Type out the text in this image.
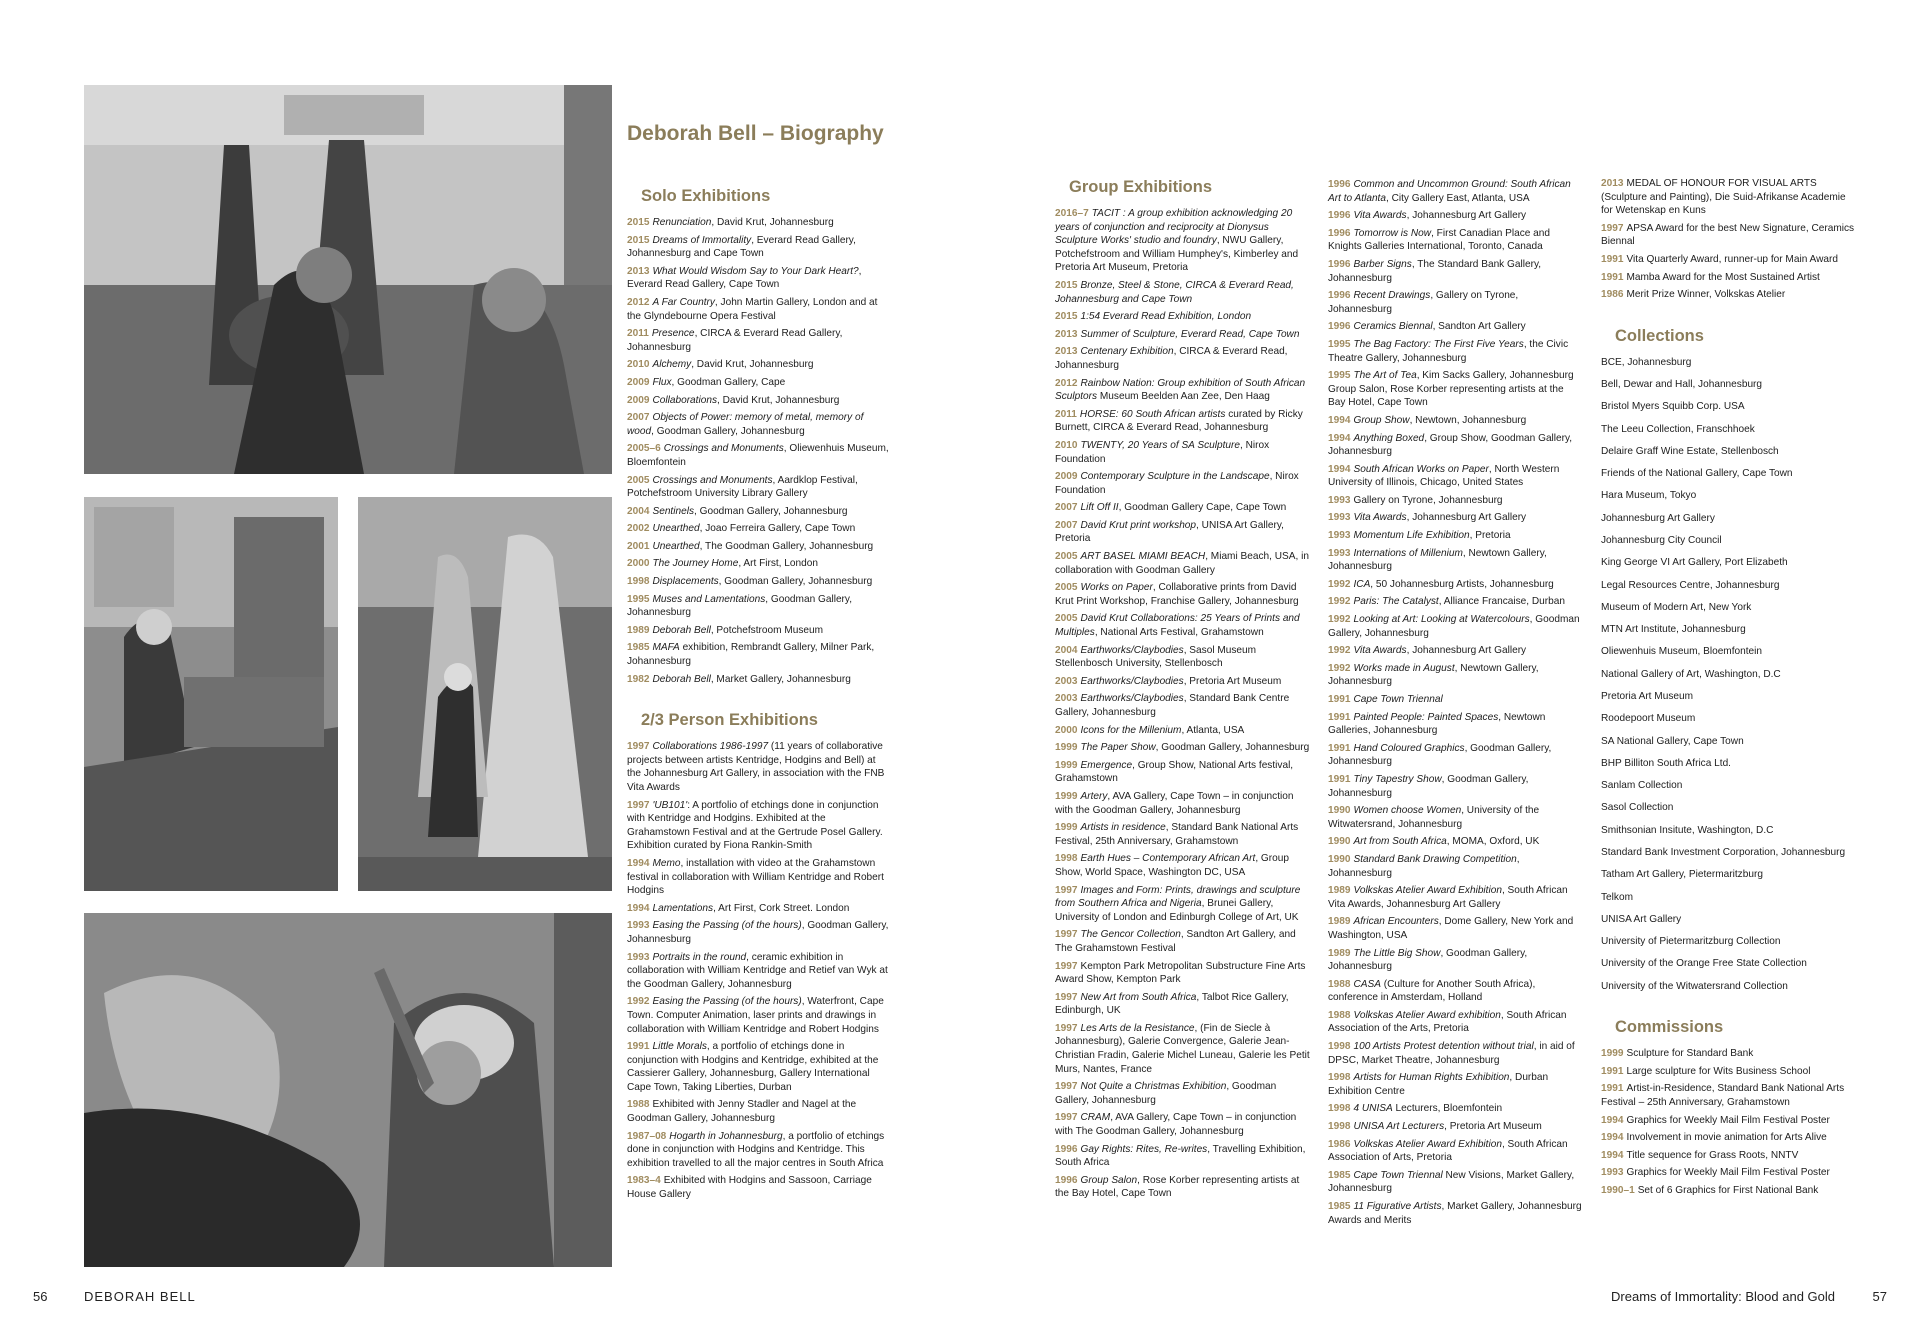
Deborah Bell – Biography
Solo Exhibitions
2015 Renunciation, David Krut, Johannesburg
2015 Dreams of Immortality, Everard Read Gallery, Johannesburg and Cape Town
2013 What Would Wisdom Say to Your Dark Heart?, Everard Read Gallery, Cape Town
2012 A Far Country, John Martin Gallery, London and at the Glyndebourne Opera Festival
2011 Presence, CIRCA & Everard Read Gallery, Johannesburg
2010 Alchemy, David Krut, Johannesburg
2009 Flux, Goodman Gallery, Cape
2009 Collaborations, David Krut, Johannesburg
2007 Objects of Power: memory of metal, memory of wood, Goodman Gallery, Johannesburg
2005–6 Crossings and Monuments, Oliewenhuis Museum, Bloemfontein
2005 Crossings and Monuments, Aardklop Festival, Potchefstroom University Library Gallery
2004 Sentinels, Goodman Gallery, Johannesburg
2002 Unearthed, Joao Ferreira Gallery, Cape Town
2001 Unearthed, The Goodman Gallery, Johannesburg
2000 The Journey Home, Art First, London
1998 Displacements, Goodman Gallery, Johannesburg
1995 Muses and Lamentations, Goodman Gallery, Johannesburg
1989 Deborah Bell, Potchefstroom Museum
1985 MAFA exhibition, Rembrandt Gallery, Milner Park, Johannesburg
1982 Deborah Bell, Market Gallery, Johannesburg
2/3 Person Exhibitions
1997 Collaborations 1986-1997 (11 years of collaborative projects between artists Kentridge, Hodgins and Bell) at the Johannesburg Art Gallery, in association with the FNB Vita Awards
1997 'UB101': A portfolio of etchings done in conjunction with Kentridge and Hodgins. Exhibited at the Grahamstown Festival and at the Gertrude Posel Gallery. Exhibition curated by Fiona Rankin-Smith
1994 Memo, installation with video at the Grahamstown festival in collaboration with William Kentridge and Robert Hodgins
1994 Lamentations, Art First, Cork Street. London
1993 Easing the Passing (of the hours), Goodman Gallery, Johannesburg
1993 Portraits in the round, ceramic exhibition in collaboration with William Kentridge and Retief van Wyk at the Goodman Gallery, Johannesburg
1992 Easing the Passing (of the hours), Waterfront, Cape Town. Computer Animation, laser prints and drawings in collaboration with William Kentridge and Robert Hodgins
1991 Little Morals, a portfolio of etchings done in conjunction with Hodgins and Kentridge, exhibited at the Cassierer Gallery, Johannesburg, Gallery International Cape Town, Taking Liberties, Durban
1988 Exhibited with Jenny Stadler and Nagel at the Goodman Gallery, Johannesburg
1987–08 Hogarth in Johannesburg, a portfolio of etchings done in conjunction with Hodgins and Kentridge. This exhibition travelled to all the major centres in South Africa
1983–4 Exhibited with Hodgins and Sassoon, Carriage House Gallery
Group Exhibitions
2016–7 TACIT : A group exhibition acknowledging 20 years of conjunction and reciprocity at Dionysus Sculpture Works' studio and foundry, NWU Gallery, Potchefstroom and William Humphey's, Kimberley and Pretoria Art Museum, Pretoria
2015 Bronze, Steel & Stone, CIRCA & Everard Read, Johannesburg and Cape Town
2015 1:54 Everard Read Exhibition, London
2013 Summer of Sculpture, Everard Read, Cape Town
2013 Centenary Exhibition, CIRCA & Everard Read, Johannesburg
2012 Rainbow Nation: Group exhibition of South African Sculptors Museum Beelden Aan Zee, Den Haag
2011 HORSE: 60 South African artists curated by Ricky Burnett, CIRCA & Everard Read, Johannesburg
2010 TWENTY, 20 Years of SA Sculpture, Nirox Foundation
2009 Contemporary Sculpture in the Landscape, Nirox Foundation
2007 Lift Off II, Goodman Gallery Cape, Cape Town
2007 David Krut print workshop, UNISA Art Gallery, Pretoria
2005 ART BASEL MIAMI BEACH, Miami Beach, USA, in collaboration with Goodman Gallery
2005 Works on Paper, Collaborative prints from David Krut Print Workshop, Franchise Gallery, Johannesburg
2005 David Krut Collaborations: 25 Years of Prints and Multiples, National Arts Festival, Grahamstown
2004 Earthworks/Claybodies, Sasol Museum Stellenbosch University, Stellenbosch
2003 Earthworks/Claybodies, Pretoria Art Museum
2003 Earthworks/Claybodies, Standard Bank Centre Gallery, Johannesburg
2000 Icons for the Millenium, Atlanta, USA
1999 The Paper Show, Goodman Gallery, Johannesburg
1999 Emergence, Group Show, National Arts festival, Grahamstown
1999 Artery, AVA Gallery, Cape Town – in conjunction with the Goodman Gallery, Johannesburg
1999 Artists in residence, Standard Bank National Arts Festival, 25th Anniversary, Grahamstown
1998 Earth Hues – Contemporary African Art, Group Show, World Space, Washington DC, USA
1997 Images and Form: Prints, drawings and sculpture from Southern Africa and Nigeria, Brunei Gallery, University of London and Edinburgh College of Art, UK
1997 The Gencor Collection, Sandton Art Gallery, and The Grahamstown Festival
1997 Kempton Park Metropolitan Substructure Fine Arts Award Show, Kempton Park
1997 New Art from South Africa, Talbot Rice Gallery, Edinburgh, UK
1997 Les Arts de la Resistance, (Fin de Siecle à Johannesburg), Galerie Convergence, Galerie Jean-Christian Fradin, Galerie Michel Luneau, Galerie les Petit Murs, Nantes, France
1997 Not Quite a Christmas Exhibition, Goodman Gallery, Johannesburg
1997 CRAM, AVA Gallery, Cape Town – in conjunction with The Goodman Gallery, Johannesburg
1996 Gay Rights: Rites, Re-writes, Travelling Exhibition, South Africa
1996 Group Salon, Rose Korber representing artists at the Bay Hotel, Cape Town
1996 Common and Uncommon Ground: South African Art to Atlanta, City Gallery East, Atlanta, USA
1996 Vita Awards, Johannesburg Art Gallery
1996 Tomorrow is Now, First Canadian Place and Knights Galleries International, Toronto, Canada
1996 Barber Signs, The Standard Bank Gallery, Johannesburg
1996 Recent Drawings, Gallery on Tyrone, Johannesburg
1996 Ceramics Biennal, Sandton Art Gallery
1995 The Bag Factory: The First Five Years, the Civic Theatre Gallery, Johannesburg
1995 The Art of Tea, Kim Sacks Gallery, Johannesburg Group Salon, Rose Korber representing artists at the Bay Hotel, Cape Town
1994 Group Show, Newtown, Johannesburg
1994 Anything Boxed, Group Show, Goodman Gallery, Johannesburg
1994 South African Works on Paper, North Western University of Illinois, Chicago, United States
1993 Gallery on Tyrone, Johannesburg
1993 Vita Awards, Johannesburg Art Gallery
1993 Momentum Life Exhibition, Pretoria
1993 Internations of Millenium, Newtown Gallery, Johannesburg
1992 ICA, 50 Johannesburg Artists, Johannesburg
1992 Paris: The Catalyst, Alliance Francaise, Durban
1992 Looking at Art: Looking at Watercolours, Goodman Gallery, Johannesburg
1992 Vita Awards, Johannesburg Art Gallery
1992 Works made in August, Newtown Gallery, Johannesburg
1991 Cape Town Triennal
1991 Painted People: Painted Spaces, Newtown Galleries, Johannesburg
1991 Hand Coloured Graphics, Goodman Gallery, Johannesburg
1991 Tiny Tapestry Show, Goodman Gallery, Johannesburg
1990 Women choose Women, University of the Witwatersrand, Johannesburg
1990 Art from South Africa, MOMA, Oxford, UK
1990 Standard Bank Drawing Competition, Johannesburg
1989 Volkskas Atelier Award Exhibition, South African Vita Awards, Johannesburg Art Gallery
1989 African Encounters, Dome Gallery, New York and Washington, USA
1989 The Little Big Show, Goodman Gallery, Johannesburg
1988 CASA (Culture for Another South Africa), conference in Amsterdam, Holland
1988 Volkskas Atelier Award exhibition, South African Association of the Arts, Pretoria
1998 100 Artists Protest detention without trial, in aid of DPSC, Market Theatre, Johannesburg
1998 Artists for Human Rights Exhibition, Durban Exhibition Centre
1998 4 UNISA Lecturers, Bloemfontein
1998 UNISA Art Lecturers, Pretoria Art Museum
1986 Volkskas Atelier Award Exhibition, South African Association of Arts, Pretoria
1985 Cape Town Triennal New Visions, Market Gallery, Johannesburg
1985 11 Figurative Artists, Market Gallery, Johannesburg Awards and Merits
2013 MEDAL OF HONOUR FOR VISUAL ARTS (Sculpture and Painting), Die Suid-Afrikanse Academie for Wetenskap en Kuns
1997 APSA Award for the best New Signature, Ceramics Biennal
1991 Vita Quarterly Award, runner-up for Main Award
1991 Mamba Award for the Most Sustained Artist
1986 Merit Prize Winner, Volkskas Atelier
Collections
BCE, Johannesburg
Bell, Dewar and Hall, Johannesburg
Bristol Myers Squibb Corp. USA
The Leeu Collection, Franschhoek
Delaire Graff Wine Estate, Stellenbosch
Friends of the National Gallery, Cape Town
Hara Museum, Tokyo
Johannesburg Art Gallery
Johannesburg City Council
King George VI Art Gallery, Port Elizabeth
Legal Resources Centre, Johannesburg
Museum of Modern Art, New York
MTN Art Institute, Johannesburg
Oliewenhuis Museum, Bloemfontein
National Gallery of Art, Washington, D.C
Pretoria Art Museum
Roodepoort Museum
SA National Gallery, Cape Town
BHP Billiton South Africa Ltd.
Sanlam Collection
Sasol Collection
Smithsonian Insitute, Washington, D.C
Standard Bank Investment Corporation, Johannesburg
Tatham Art Gallery, Pietermaritzburg
Telkom
UNISA Art Gallery
University of Pietermaritzburg Collection
University of the Orange Free State Collection
University of the Witwatersrand Collection
Commissions
1999 Sculpture for Standard Bank
1991 Large sculpture for Wits Business School
1991 Artist-in-Residence, Standard Bank National Arts Festival – 25th Anniversary, Grahamstown
1994 Graphics for Weekly Mail Film Festival Poster
1994 Involvement in movie animation for Arts Alive
1994 Title sequence for Grass Roots, NNTV
1993 Graphics for Weekly Mail Film Festival Poster
1990–1 Set of 6 Graphics for First National Bank
56	DEBORAH BELL	Dreams of Immortality: Blood and Gold	57
